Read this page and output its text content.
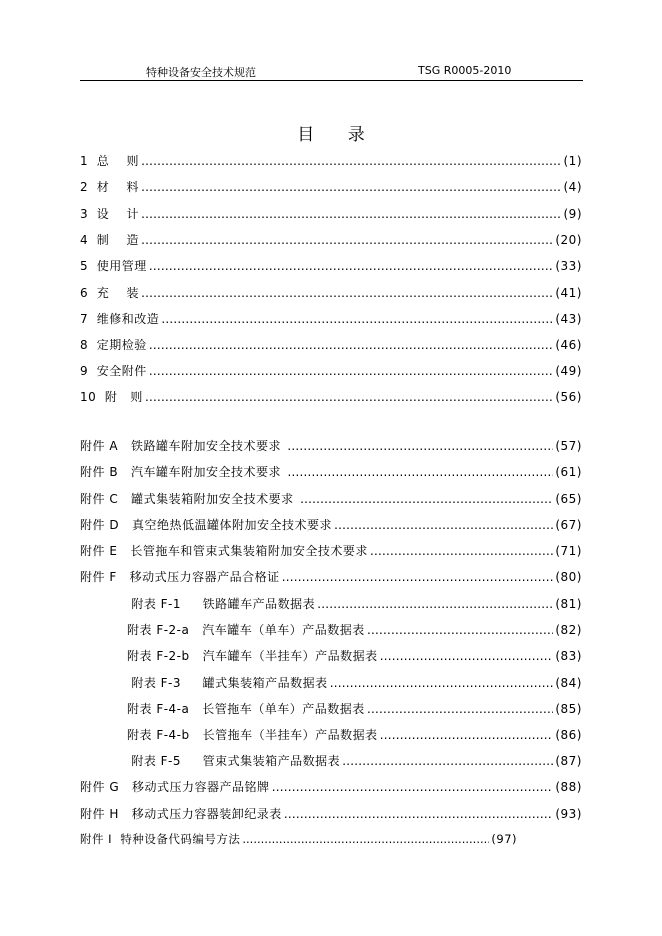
特种设备安全技术规范	TSG R0005-2010
目 录
1  总    则 ……………………………………………………………………………………………………………………………………………………………………………………	(1)
2  材    料 ……………………………………………………………………………………………………………………………………………………………………………………	(4)
3  设    计 ……………………………………………………………………………………………………………………………………………………………………………………	(9)
4  制    造 ……………………………………………………………………………………………………………………………………………………………………………………	(20)
5  使用管理 ……………………………………………………………………………………………………………………………………………………………………………………	(33)
6  充    装 ……………………………………………………………………………………………………………………………………………………………………………………	(41)
7  维修和改造 ……………………………………………………………………………………………………………………………………………………………………………………	(43)
8  定期检验 ……………………………………………………………………………………………………………………………………………………………………………………	(46)
9  安全附件 ……………………………………………………………………………………………………………………………………………………………………………………	(49)
10  附   则 ……………………………………………………………………………………………………………………………………………………………………………………	(56)
附件 A   铁路罐车附加安全技术要求 ……………………………………………………………………………………………………………………………………………………………………………………	(57)
附件 B   汽车罐车附加安全技术要求 ……………………………………………………………………………………………………………………………………………………………………………………	(61)
附件 C   罐式集装箱附加安全技术要求 ……………………………………………………………………………………………………………………………………………………………………………………	(65)
附件 D   真空绝热低温罐体附加安全技术要求 ……………………………………………………………………………………………………………………………………………………………………………………	(67)
附件 E   长管拖车和管束式集装箱附加安全技术要求 ……………………………………………………………………………………………………………………………………………………………………………………	(71)
附件 F   移动式压力容器产品合格证 ……………………………………………………………………………………………………………………………………………………………………………………	(80)
附表 F-1     铁路罐车产品数据表 ……………………………………………………………………………………………………………………………………………………………………………………	(81)
附表 F-2-a   汽车罐车（单车）产品数据表 ……………………………………………………………………………………………………………………………………………………………………………………	(82)
附表 F-2-b   汽车罐车（半挂车）产品数据表 ……………………………………………………………………………………………………………………………………………………………………………………	(83)
附表 F-3     罐式集装箱产品数据表 ……………………………………………………………………………………………………………………………………………………………………………………	(84)
附表 F-4-a   长管拖车（单车）产品数据表 ……………………………………………………………………………………………………………………………………………………………………………………	(85)
附表 F-4-b   长管拖车（半挂车）产品数据表 ……………………………………………………………………………………………………………………………………………………………………………………	(86)
附表 F-5     管束式集装箱产品数据表 ……………………………………………………………………………………………………………………………………………………………………………………	(87)
附件 G   移动式压力容器产品铭牌 ……………………………………………………………………………………………………………………………………………………………………………………	(88)
附件 H   移动式压力容器装卸纪录表 ……………………………………………………………………………………………………………………………………………………………………………………	(93)
附件 I  特种设备代码编号方法 .....	(97)
